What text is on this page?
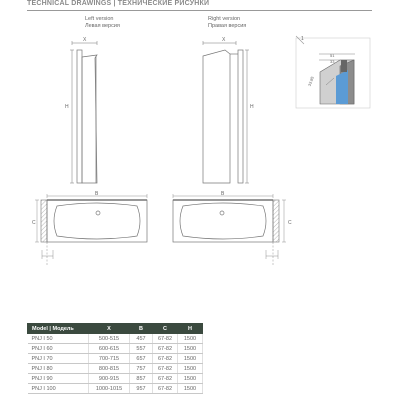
TECHNICAL DRAWINGS | ТЕХНИЧЕСКИЕ РИСУНКИ
Left version
Левая версия
Right version
Правая версия
H
X	X
H
1
51
33
33.85
B
C
B
C
Model | Модель	X	B	C	H
PNJ I 50	500-515	457	67-82	1500
PNJ I 60	600-615	557	67-82	1500
PNJ I 70	700-715	657	67-82	1500
PNJ I 80	800-815	757	67-82	1500
PNJ I 90	900-915	857	67-82	1500
PNJ I 100	1000-1015	957	67-82	1500
